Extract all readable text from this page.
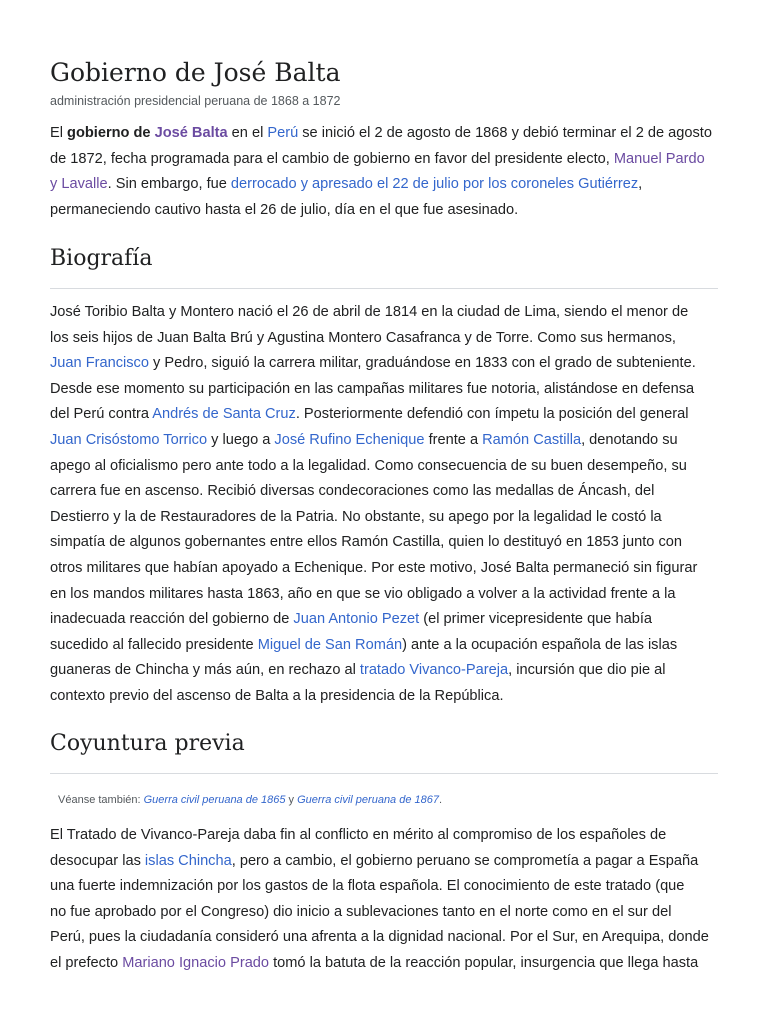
Gobierno de José Balta

administración presidencial peruana de 1868 a 1872

El gobierno de José Balta en el Perú se inició el 2 de agosto de 1868 y debió terminar el 2 de agosto
de 1872, fecha programada para el cambio de gobierno en favor del presidente electo, Manuel Pardo
y Lavalle. Sin embargo, fue derrocado y apresado el 22 de julio por los coroneles Gutiérrez,
permaneciendo cautivo hasta el 26 de julio, día en el que fue asesinado.

Biografía

José Toribio Balta y Montero nació el 26 de abril de 1814 en la ciudad de Lima, siendo el menor de
los seis hijos de Juan Balta Brú y Agustina Montero Casafranca y de Torre. Como sus hermanos,
Juan Francisco y Pedro, siguió la carrera militar, graduándose en 1833 con el grado de subteniente.
Desde ese momento su participación en las campañas militares fue notoria, alistándose en defensa
del Perú contra Andrés de Santa Cruz. Posteriormente defendió con ímpetu la posición del general
Juan Crisóstomo Torrico y luego a José Rufino Echenique frente a Ramón Castilla, denotando su
apego al oficialismo pero ante todo a la legalidad. Como consecuencia de su buen desempeño, su
carrera fue en ascenso. Recibió diversas condecoraciones como las medallas de Áncash, del
Destierro y la de Restauradores de la Patria. No obstante, su apego por la legalidad le costó la
simpatía de algunos gobernantes entre ellos Ramón Castilla, quien lo destituyó en 1853 junto con
otros militares que habían apoyado a Echenique. Por este motivo, José Balta permaneció sin figurar
en los mandos militares hasta 1863, año en que se vio obligado a volver a la actividad frente a la
inadecuada reacción del gobierno de Juan Antonio Pezet (el primer vicepresidente que había
sucedido al fallecido presidente Miguel de San Román) ante a la ocupación española de las islas
guaneras de Chincha y más aún, en rechazo al tratado Vivanco-Pareja, incursión que dio pie al
contexto previo del ascenso de Balta a la presidencia de la República.

Coyuntura previa

Véanse también: Guerra civil peruana de 1865 y Guerra civil peruana de 1867.

El Tratado de Vivanco-Pareja daba fin al conflicto en mérito al compromiso de los españoles de
desocupar las islas Chincha, pero a cambio, el gobierno peruano se comprometía a pagar a España
una fuerte indemnización por los gastos de la flota española. El conocimiento de este tratado (que
no fue aprobado por el Congreso) dio inicio a sublevaciones tanto en el norte como en el sur del
Perú, pues la ciudadanía consideró una afrenta a la dignidad nacional. Por el Sur, en Arequipa, donde
el prefecto Mariano Ignacio Prado tomó la batuta de la reacción popular, insurgencia que llega hasta
